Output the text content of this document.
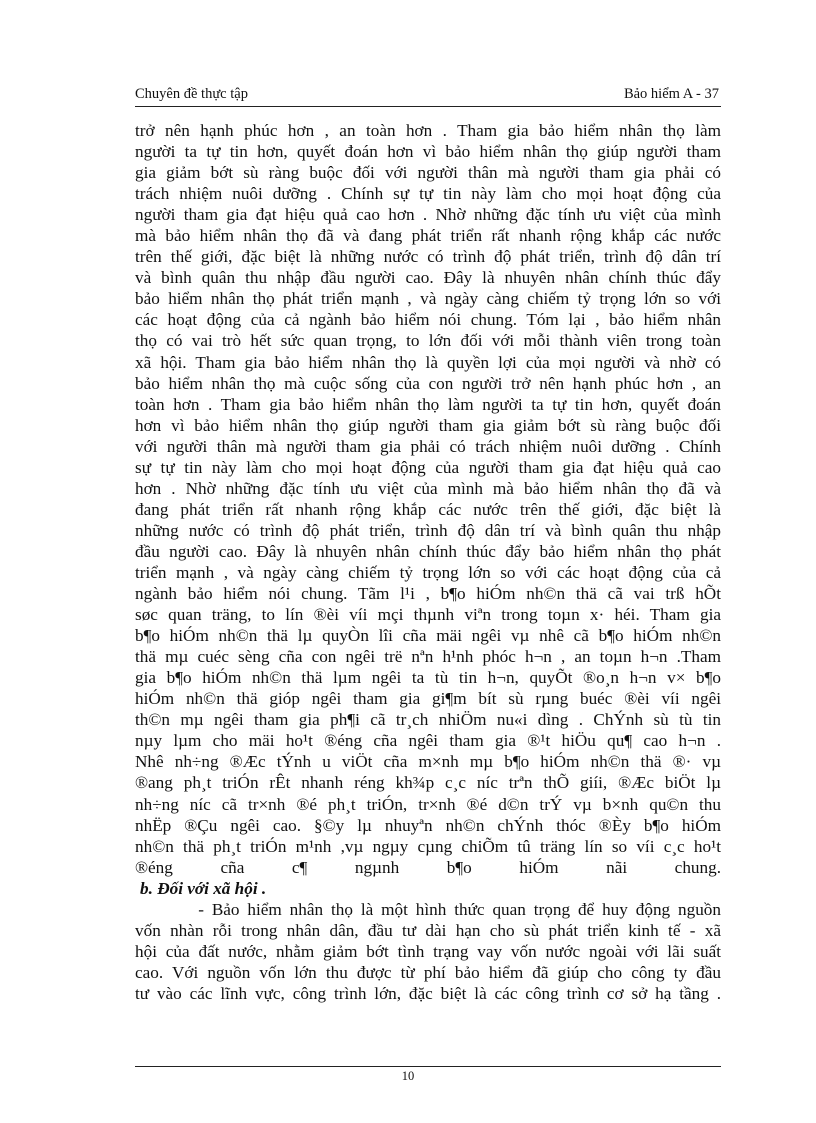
Chuyên đề thực tập	Bảo hiểm A - 37
trở nên hạnh phúc hơn , an toàn hơn . Tham gia bảo hiểm nhân thọ làm
người ta tự tin hơn, quyết đoán hơn vì bảo hiểm nhân thọ giúp người tham
gia giảm bớt sù ràng buộc đối với người thân mà người tham gia phải có
trách nhiệm nuôi dưỡng . Chính sự tự tin này làm cho mọi hoạt động của
người tham gia đạt hiệu quả cao hơn . Nhờ những đặc tính ưu việt của mình
mà bảo hiểm nhân thọ đã và đang phát triển rất nhanh rộng khắp các nước
trên thế giới, đặc biệt là những nước có trình độ phát triển, trình độ dân trí
và bình quân thu nhập đầu người cao. Đây là nhuyên nhân chính thúc đẩy
bảo hiểm nhân thọ phát triển mạnh , và ngày càng chiếm tỷ trọng lớn so với
các hoạt động của cả ngành bảo hiểm nói chung. Tóm lại , bảo hiểm nhân
thọ có vai trò hết sức quan trọng, to lớn đối với mỗi thành viên trong toàn
xã hội. Tham gia bảo hiểm nhân thọ là quyền lợi của mọi người và nhờ có
bảo hiểm nhân thọ mà cuộc sống của con người trở nên hạnh phúc hơn , an
toàn hơn . Tham gia bảo hiểm nhân thọ làm người ta tự tin hơn, quyết đoán
hơn vì bảo hiểm nhân thọ giúp người tham gia giảm bớt sù ràng buộc đối
với người thân mà người tham gia phải có trách nhiệm nuôi dưỡng . Chính
sự tự tin này làm cho mọi hoạt động của người tham gia đạt hiệu quả cao
hơn . Nhờ những đặc tính ưu việt của mình mà bảo hiểm nhân thọ đã và
đang phát triển rất nhanh rộng khắp các nước trên thế giới, đặc biệt là
những nước có trình độ phát triển, trình độ dân trí và bình quân thu nhập
đầu người cao. Đây là nhuyên nhân chính thúc đẩy bảo hiểm nhân thọ phát
triển mạnh , và ngày càng chiếm tỷ trọng lớn so với các hoạt động của cả
ngành bảo hiểm nói chung. Tãm l¹i , b¶o hiÓm nh©n thä cã vai trß hÕt
søc quan träng, to lín ®èi víi mçi thµnh viªn trong toµn x· héi. Tham gia
b¶o hiÓm nh©n thä lµ quyÒn lîi cña mäi ngêi vµ nhê cã b¶o hiÓm nh©n
thä mµ cuéc sèng cña con ngêi trë nªn h¹nh phóc h¬n , an toµn h¬n .Tham
gia b¶o hiÓm nh©n thä lµm ngêi ta tù tin h¬n, quyÕt ®o¸n h¬n v× b¶o
hiÓm nh©n thä gióp ngêi tham gia gi¶m bít sù rµng buéc ®èi víi ngêi
th©n mµ ngêi tham gia ph¶i cã tr¸ch nhiÖm nu«i dìng . ChÝnh sù tù tin
nµy lµm cho mäi ho¹t ®éng cña ngêi tham gia ®¹t hiÖu qu¶ cao h¬n .
Nhê nh÷ng ®Æc tÝnh u viÖt cña m×nh mµ b¶o hiÓm nh©n thä ®· vµ
®ang ph¸t triÓn rÊt nhanh réng kh¾p c¸c níc trªn thÕ giíi, ®Æc biÖt lµ
nh÷ng níc cã tr×nh ®é ph¸t triÓn, tr×nh ®é d©n trÝ vµ b×nh qu©n thu
nhËp ®Çu ngêi cao. §©y lµ nhuyªn nh©n chÝnh thóc ®Èy b¶o hiÓm
nh©n thä ph¸t triÓn m¹nh ,vµ ngµy cµng chiÕm tû träng lín so víi c¸c ho¹t
®éng cña c¶ ngµnh b¶o hiÓm nãi chung.
b. Đối với xã hội .
- Bảo hiểm nhân thọ là một hình thức quan trọng để huy động nguồn
vốn nhàn rỗi trong nhân dân, đầu tư dài hạn cho sù phát triển kinh tế - xã
hội của đất nước, nhằm giảm bớt tình trạng vay vốn nước ngoài với lãi suất
cao. Với nguồn vốn lớn thu được từ phí bảo hiểm đã giúp cho công ty đầu
tư vào các lĩnh vực, công trình lớn, đặc biệt là các công trình cơ sở hạ tầng .
10
